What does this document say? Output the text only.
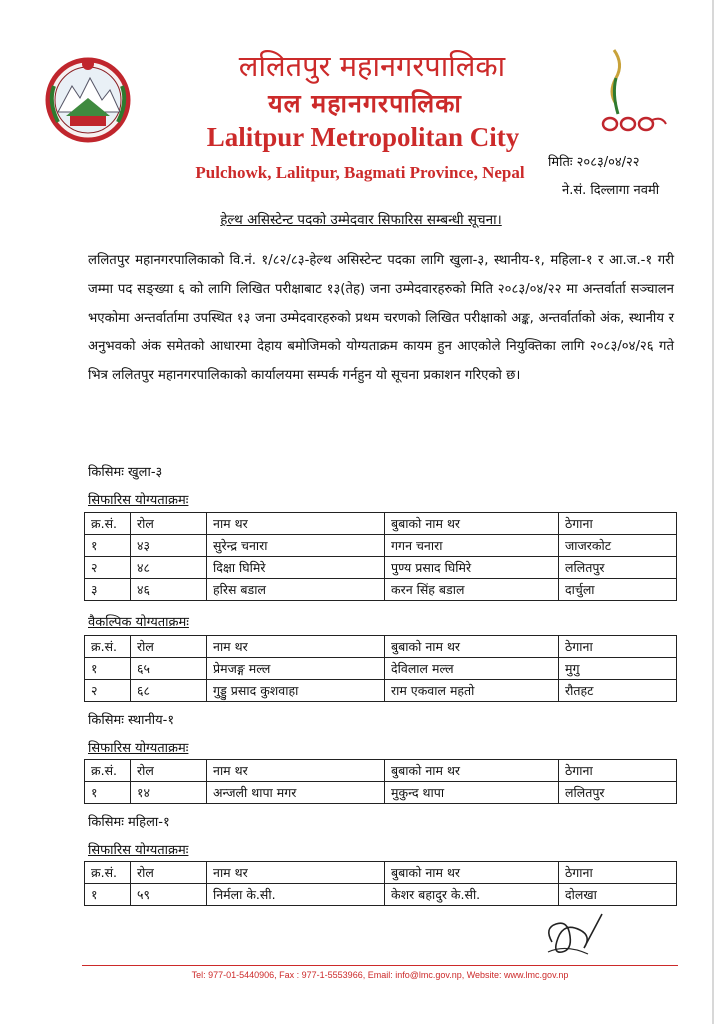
ललितपुर महानगरपालिका
यल महानगरपालिका
Lalitpur Metropolitan City
Pulchowk, Lalitpur, Bagmati Province, Nepal
मितिः २०८३/०४/२२
ने.सं. दिल्लागा नवमी
हेल्थ असिस्टेन्ट पदको उम्मेदवार सिफारिस सम्बन्धी सूचना।
ललितपुर महानगरपालिकाको वि.नं. १/८२/८३-हेल्थ असिस्टेन्ट पदका लागि खुला-३, स्थानीय-१, महिला-१ र आ.ज.-१ गरी जम्मा पद सङ्ख्या ६ को लागि लिखित परीक्षाबाट १३(तेह) जना उम्मेदवारहरुको मिति २०८३/०४/२२ मा अन्तर्वार्ता सञ्चालन भएकोमा अन्तर्वार्तामा उपस्थित १३ जना उम्मेदवारहरुको प्रथम चरणको लिखित परीक्षाको अङ्क, अन्तर्वार्ताको अंक, स्थानीय र अनुभवको अंक समेतको आधारमा देहाय बमोजिमको योग्यताक्रम कायम हुन आएकोले नियुक्तिका लागि २०८३/०४/२६ गते भित्र ललितपुर महानगरपालिकाको कार्यालयमा सम्पर्क गर्नहुन यो सूचना प्रकाशन गरिएको छ।
किसिमः खुला-३
सिफारिस योग्यताक्रमः
क्र.सं.	रोल	नाम थर	बुबाको नाम थर	ठेगाना
१	४३	सुरेन्द्र चनारा	गगन चनारा	जाजरकोट
२	४८	दिक्षा घिमिरे	पुण्य प्रसाद घिमिरे	ललितपुर
३	४६	हरिस बडाल	करन सिंह बडाल	दार्चुला
वैकल्पिक योग्यताक्रमः
क्र.सं.	रोल	नाम थर	बुबाको नाम थर	ठेगाना
१	६५	प्रेमजङ्ग मल्ल	देविलाल मल्ल	मुगु
२	६८	गुड्डु प्रसाद कुशवाहा	राम एकवाल महतो	रौतहट
किसिमः स्थानीय-१
सिफारिस योग्यताक्रमः
क्र.सं.	रोल	नाम थर	बुबाको नाम थर	ठेगाना
१	१४	अन्जली थापा मगर	मुकुन्द थापा	ललितपुर
किसिमः महिला-१
सिफारिस योग्यताक्रमः
क्र.सं.	रोल	नाम थर	बुबाको नाम थर	ठेगाना
१	५९	निर्मला के.सी.	केशर बहादुर के.सी.	दोलखा
Tel: 977-01-5440906, Fax : 977-1-5553966, Email: info@lmc.gov.np, Website: www.lmc.gov.np
